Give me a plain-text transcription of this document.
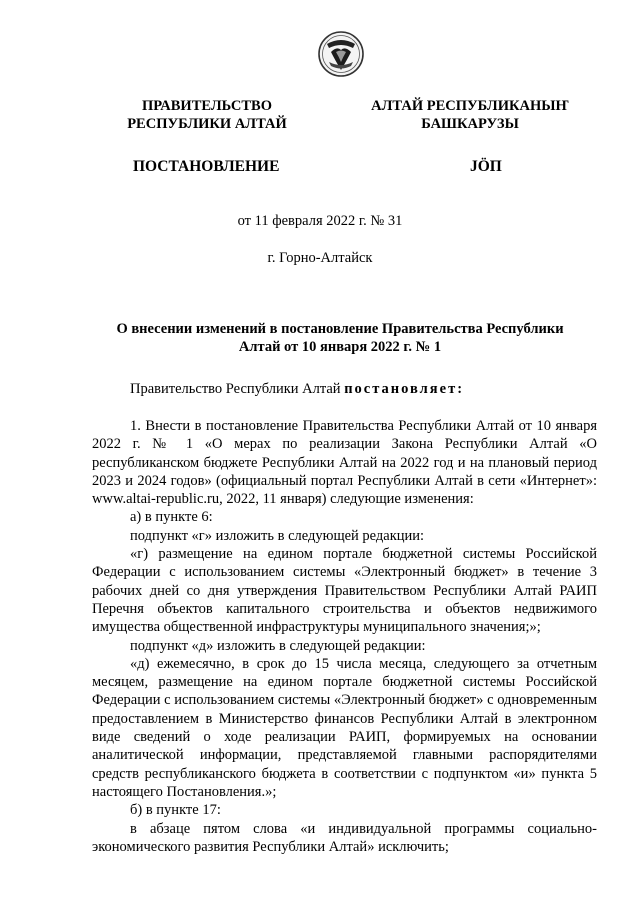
ПРАВИТЕЛЬСТВО
РЕСПУБЛИКИ АЛТАЙ
АЛТАЙ РЕСПУБЛИКАНЫҤ
БАШКАРУЗЫ
ПОСТАНОВЛЕНИЕ	JÖП
от 11 февраля 2022 г. № 31
г. Горно-Алтайск
О внесении изменений в постановление Правительства Республики Алтай от 10 января 2022 г. № 1
Правительство Республики Алтай постановляет:

1. Внести в постановление Правительства Республики Алтай от 10 января 2022 г. № 1 «О мерах по реализации Закона Республики Алтай «О республиканском бюджете Республики Алтай на 2022 год и на плановый период 2023 и 2024 годов» (официальный портал Республики Алтай в сети «Интернет»: www.altai-republic.ru, 2022, 11 января) следующие изменения:

а) в пункте 6:

подпункт «г» изложить в следующей редакции:

«г) размещение на едином портале бюджетной системы Российской Федерации с использованием системы «Электронный бюджет» в течение 3 рабочих дней со дня утверждения Правительством Республики Алтай РАИП Перечня объектов капитального строительства и объектов недвижимого имущества общественной инфраструктуры муниципального значения;»;

подпункт «д» изложить в следующей редакции:

«д) ежемесячно, в срок до 15 числа месяца, следующего за отчетным месяцем, размещение на едином портале бюджетной системы Российской Федерации с использованием системы «Электронный бюджет» с одновременным предоставлением в Министерство финансов Республики Алтай в электронном виде сведений о ходе реализации РАИП, формируемых на основании аналитической информации, представляемой главными распорядителями средств республиканского бюджета в соответствии с подпунктом «и» пункта 5 настоящего Постановления.»;

б) в пункте 17:

в абзаце пятом слова «и индивидуальной программы социально-экономического развития Республики Алтай» исключить;
